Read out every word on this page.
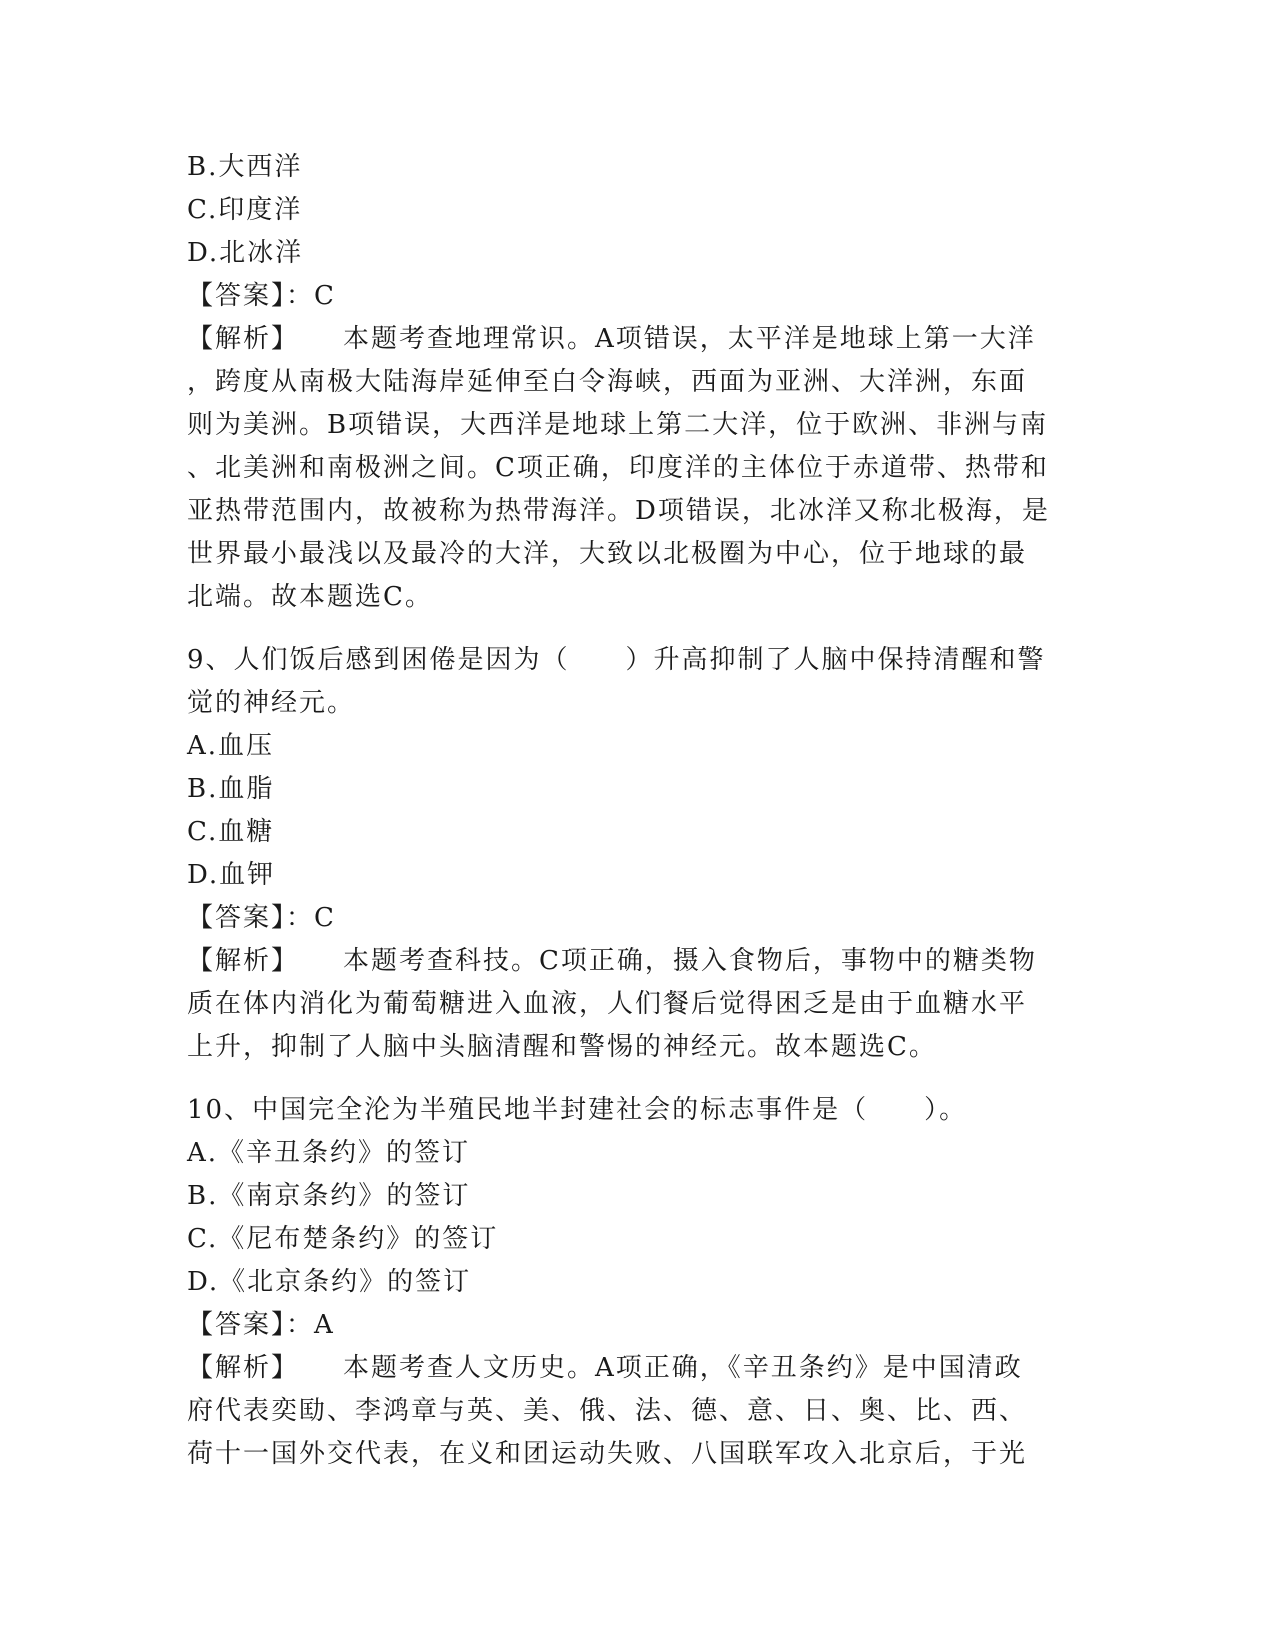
B.大西洋
C.印度洋
D.北冰洋
【答案】：C
【解析】 本题考查地理常识。A项错误，太平洋是地球上第一大洋
，跨度从南极大陆海岸延伸至白令海峡，西面为亚洲、大洋洲，东面
则为美洲。B项错误，大西洋是地球上第二大洋，位于欧洲、非洲与南
、北美洲和南极洲之间。C项正确，印度洋的主体位于赤道带、热带和
亚热带范围内，故被称为热带海洋。D项错误，北冰洋又称北极海，是
世界最小最浅以及最冷的大洋，大致以北极圈为中心，位于地球的最
北端。故本题选C。
9、人们饭后感到困倦是因为（　　）升高抑制了人脑中保持清醒和警
觉的神经元。
A.血压
B.血脂
C.血糖
D.血钾
【答案】：C
【解析】 本题考查科技。C项正确，摄入食物后，事物中的糖类物
质在体内消化为葡萄糖进入血液，人们餐后觉得困乏是由于血糖水平
上升，抑制了人脑中头脑清醒和警惕的神经元。故本题选C。
10、中国完全沦为半殖民地半封建社会的标志事件是（　　）。
A.《辛丑条约》的签订
B.《南京条约》的签订
C.《尼布楚条约》的签订
D.《北京条约》的签订
【答案】：A
【解析】 本题考查人文历史。A项正确，《辛丑条约》是中国清政
府代表奕劻、李鸿章与英、美、俄、法、德、意、日、奥、比、西、
荷十一国外交代表，在义和团运动失败、八国联军攻入北京后，于光
